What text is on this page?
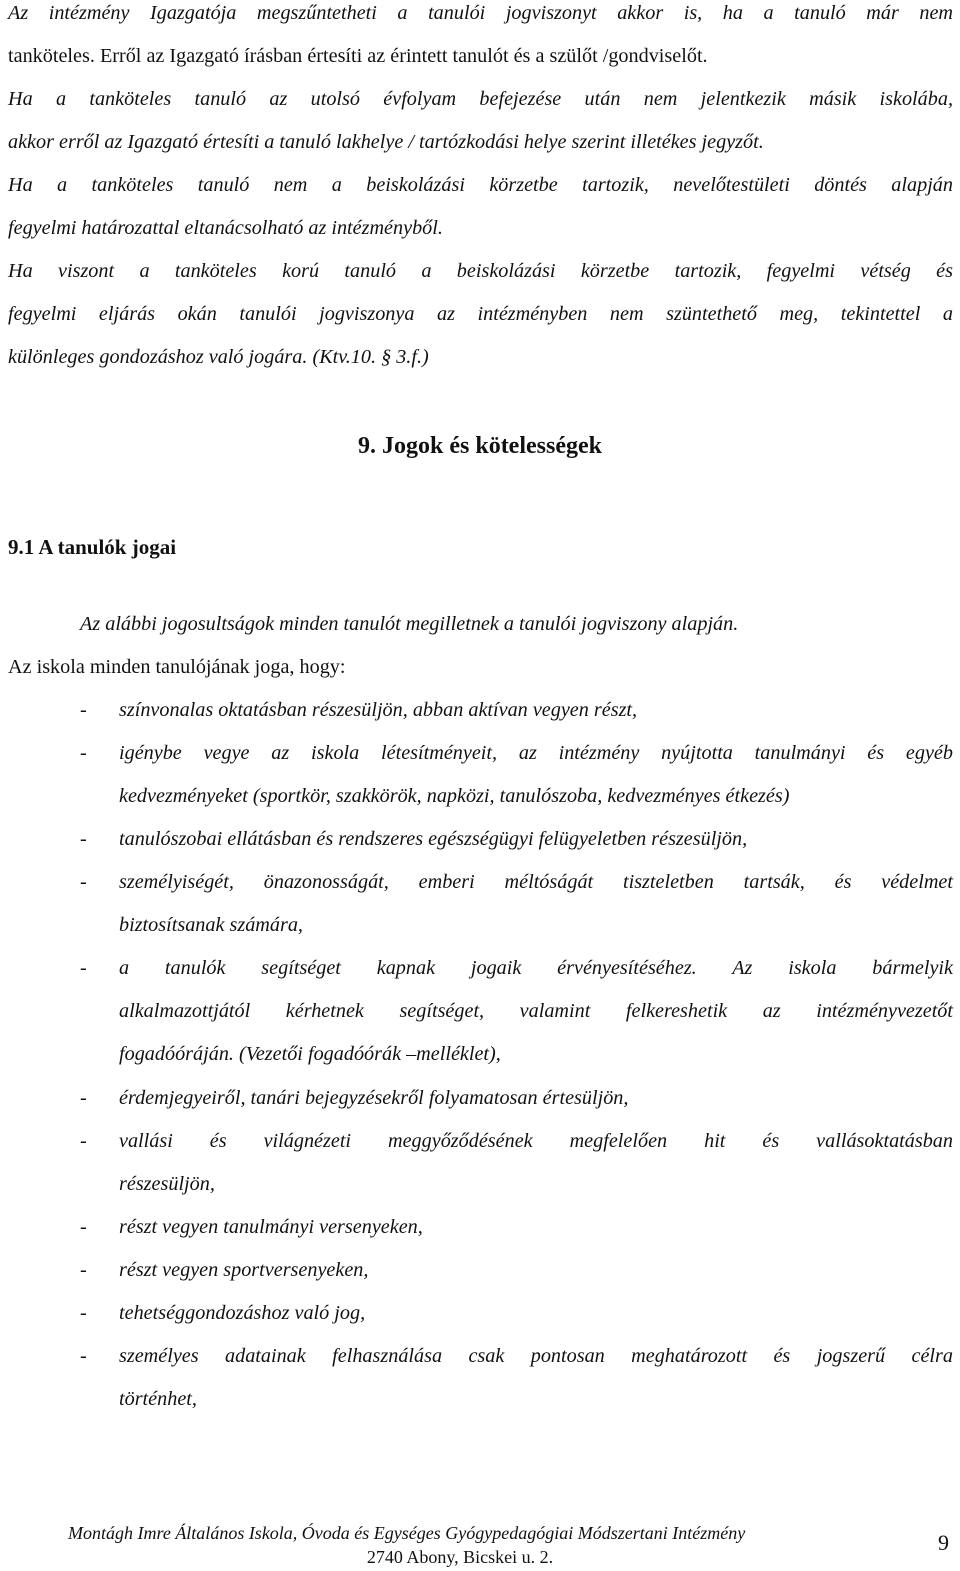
Az intézmény Igazgatója megszűntetheti a tanulói jogviszonyt akkor is, ha a tanuló már nem
tanköteles. Erről az Igazgató írásban értesíti az érintett tanulót és a szülőt /gondviselőt.
Ha a tanköteles tanuló az utolsó évfolyam befejezése után nem jelentkezik másik iskolába,
akkor erről az Igazgató értesíti a tanuló lakhelye / tartózkodási helye szerint illetékes jegyzőt.
Ha a tanköteles tanuló nem a beiskolázási körzetbe tartozik, nevelőtestületi döntés alapján
fegyelmi határozattal eltanácsolható az intézményből.
Ha viszont a tanköteles korú tanuló a beiskolázási körzetbe tartozik, fegyelmi vétség és
fegyelmi eljárás okán tanulói jogviszonya az intézményben nem szüntethető meg, tekintettel a
különleges gondozáshoz való jogára. (Ktv.10. § 3.f.)
9. Jogok és kötelességek
9.1 A tanulók jogai
Az alábbi jogosultságok minden tanulót megilletnek a tanulói jogviszony alapján.
Az iskola minden tanulójának joga, hogy:
- színvonalas oktatásban részesüljön, abban aktívan vegyen részt,
- igénybe vegye az iskola létesítményeit, az intézmény nyújtotta tanulmányi és egyéb
kedvezményeket (sportkör, szakkörök, napközi, tanulószoba, kedvezményes étkezés)
- tanulószobai ellátásban és rendszeres egészségügyi felügyeletben részesüljön,
- személyiségét, önazonosságát, emberi méltóságát tiszteletben tartsák, és védelmet
biztosítsanak számára,
- a tanulók segítséget kapnak jogaik érvényesítéséhez. Az iskola bármelyik
alkalmazottjától kérhetnek segítséget, valamint felkereshetik az intézményvezetőt
fogadóóráján. (Vezetői fogadóórák –melléklet),
- érdemjegyeiről, tanári bejegyzésekről folyamatosan értesüljön,
- vallási és világnézeti meggyőződésének megfelelően hit és vallásoktatásban
részesüljön,
- részt vegyen tanulmányi versenyeken,
- részt vegyen sportversenyeken,
- tehetséggondozáshoz való jog,
- személyes adatainak felhasználása csak pontosan meghatározott és jogszerű célra
történhet,
Montágh Imre Általános Iskola, Óvoda és Egységes Gyógypedagógiai Módszertani Intézmény
2740 Abony, Bicskei u. 2.
9
